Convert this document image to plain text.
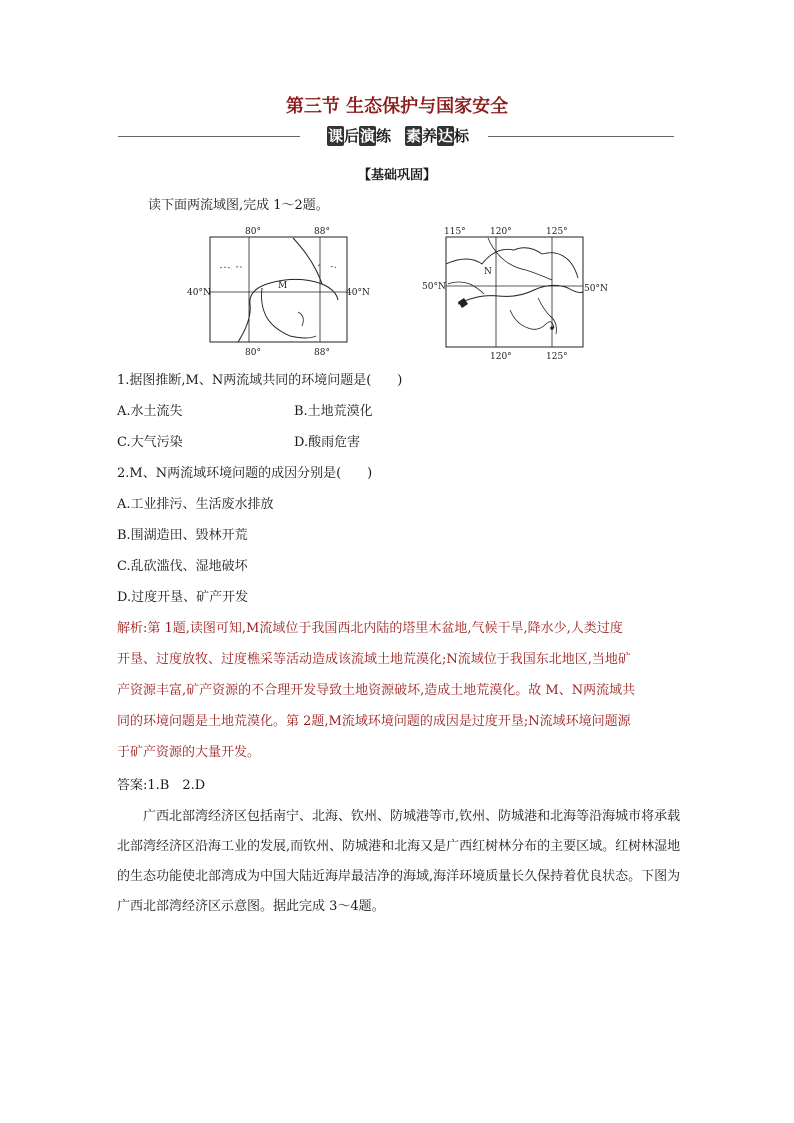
第三节 生态保护与国家安全
课后演练 素养达标
【基础巩固】
读下面两流域图,完成 1～2题。
80°	88°
80°	88°
40°N	40°N
M
115°	120°	125°
120°	125°
50°N	50°N
N
1.据图推断,M、N两流域共同的环境问题是(　　)
A.水土流失	B.土地荒漠化
C.大气污染	D.酸雨危害
2.M、N两流域环境问题的成因分别是(　　)
A.工业排污、生活废水排放
B.围湖造田、毁林开荒
C.乱砍滥伐、湿地破坏
D.过度开垦、矿产开发
解析:第 1题,读图可知,M流域位于我国西北内陆的塔里木盆地,气候干旱,降水少,人类过度
开垦、过度放牧、过度樵采等活动造成该流域土地荒漠化;N流域位于我国东北地区,当地矿
产资源丰富,矿产资源的不合理开发导致土地资源破坏,造成土地荒漠化。故 M、N两流域共
同的环境问题是土地荒漠化。第 2题,M流域环境问题的成因是过度开垦;N流域环境问题源
于矿产资源的大量开发。
答案:1.B　2.D
广西北部湾经济区包括南宁、北海、钦州、防城港等市,钦州、防城港和北海等沿海城市将承载北部湾经济区沿海工业的发展,而钦州、防城港和北海又是广西红树林分布的主要区域。红树林湿地的生态功能使北部湾成为中国大陆近海岸最洁净的海域,海洋环境质量长久保持着优良状态。下图为广西北部湾经济区示意图。据此完成 3～4题。
